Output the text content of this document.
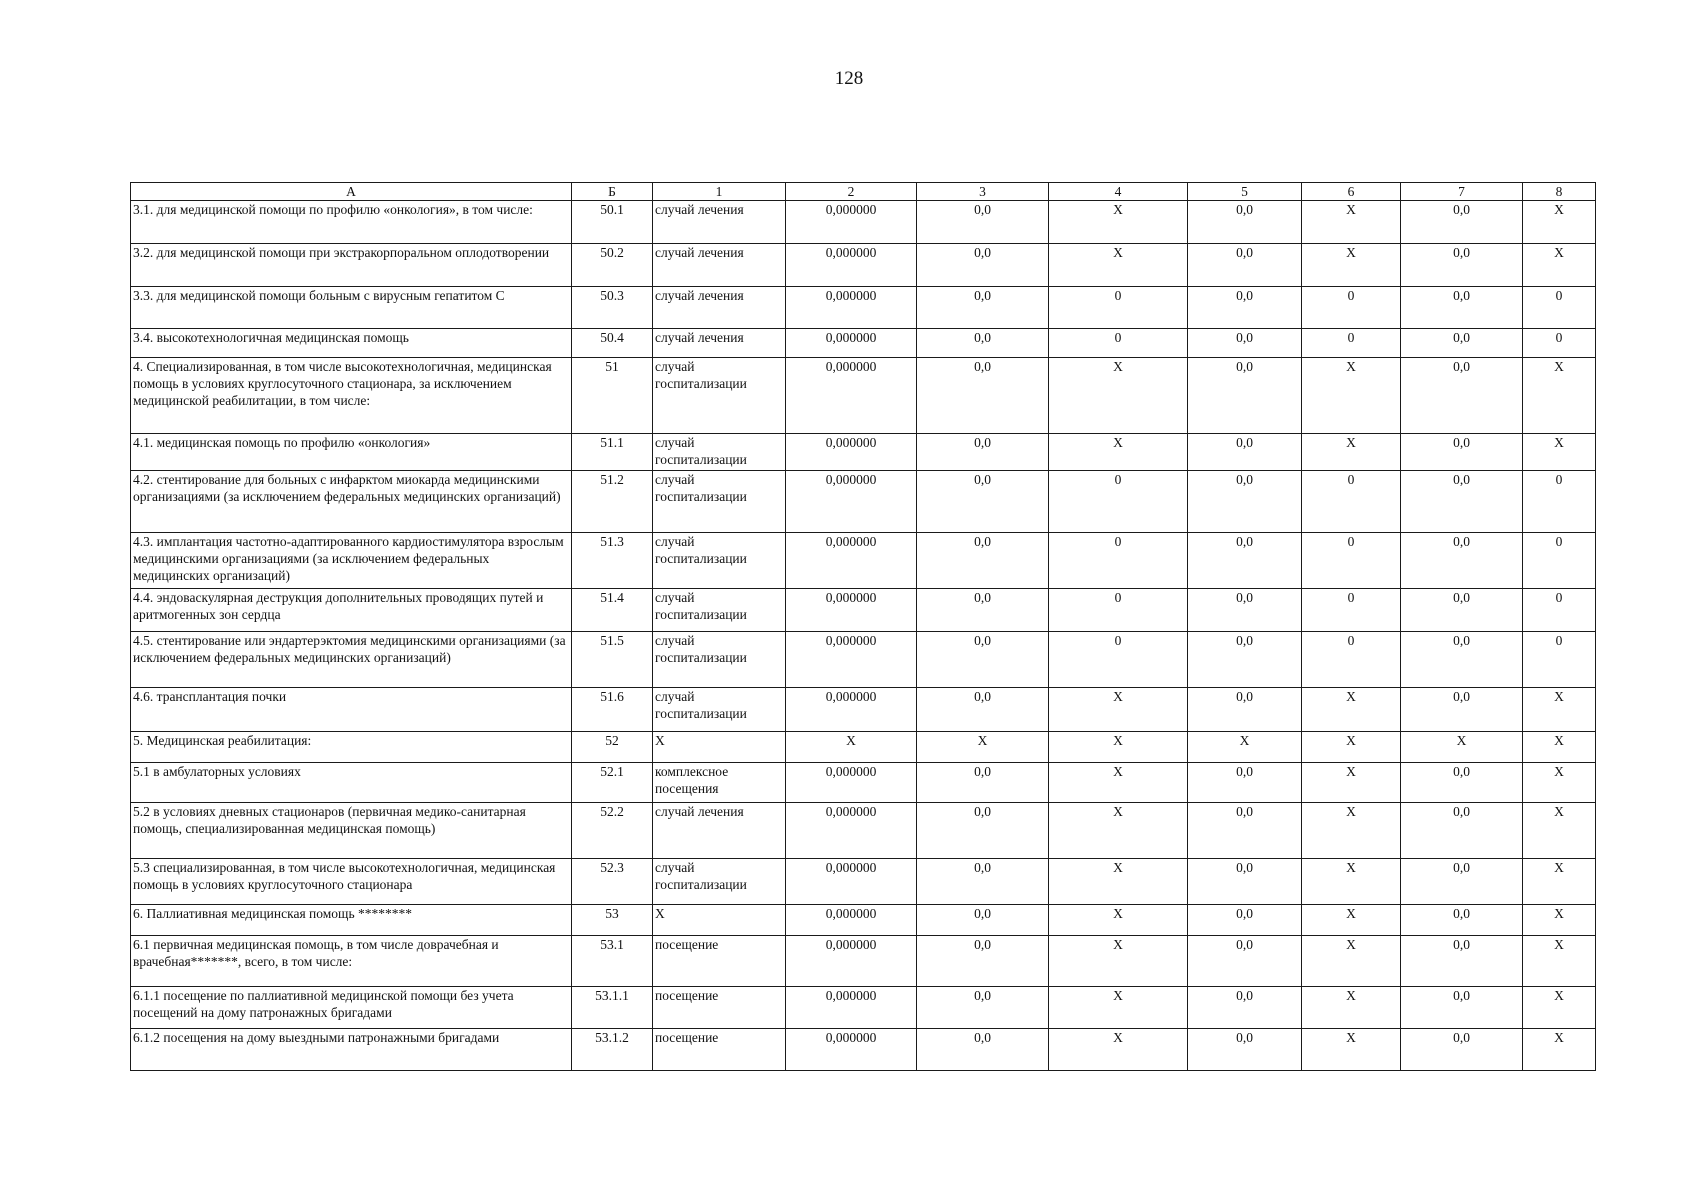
128
А	Б	1	2	3	4	5	6	7	8
3.1. для медицинской помощи по профилю «онкология», в том числе:	50.1	случай лечения	0,000000	0,0	X	0,0	X	0,0	X
3.2. для медицинской помощи при экстракорпоральном оплодотворении	50.2	случай лечения	0,000000	0,0	X	0,0	X	0,0	X
3.3. для медицинской помощи больным с вирусным гепатитом С	50.3	случай лечения	0,000000	0,0	0	0,0	0	0,0	0
3.4. высокотехнологичная медицинская помощь	50.4	случай лечения	0,000000	0,0	0	0,0	0	0,0	0
4. Специализированная, в том числе высокотехнологичная, медицинская помощь в условиях круглосуточного стационара, за исключением медицинской реабилитации, в том числе:	51	случай госпитализации	0,000000	0,0	X	0,0	X	0,0	X
4.1. медицинская помощь по профилю «онкология»	51.1	случай госпитализации	0,000000	0,0	X	0,0	X	0,0	X
4.2. стентирование для больных с инфарктом миокарда медицинскими организациями (за исключением федеральных медицинских организаций)	51.2	случай госпитализации	0,000000	0,0	0	0,0	0	0,0	0
4.3. имплантация частотно-адаптированного кардиостимулятора взрослым медицинскими организациями (за исключением федеральных медицинских организаций)	51.3	случай госпитализации	0,000000	0,0	0	0,0	0	0,0	0
4.4. эндоваскулярная деструкция дополнительных проводящих путей и аритмогенных зон сердца	51.4	случай госпитализации	0,000000	0,0	0	0,0	0	0,0	0
4.5. стентирование или эндартерэктомия медицинскими организациями (за исключением федеральных медицинских организаций)	51.5	случай госпитализации	0,000000	0,0	0	0,0	0	0,0	0
4.6. трансплантация почки	51.6	случай госпитализации	0,000000	0,0	X	0,0	X	0,0	X
5. Медицинская реабилитация:	52	X	X	X	X	X	X	X	X
5.1 в амбулаторных условиях	52.1	комплексное посещения	0,000000	0,0	X	0,0	X	0,0	X
5.2 в условиях дневных стационаров (первичная медико-санитарная помощь, специализированная медицинская помощь)	52.2	случай лечения	0,000000	0,0	X	0,0	X	0,0	X
5.3 специализированная, в том числе высокотехнологичная, медицинская помощь в условиях круглосуточного стационара	52.3	случай госпитализации	0,000000	0,0	X	0,0	X	0,0	X
6. Паллиативная медицинская помощь ********	53	X	0,000000	0,0	X	0,0	X	0,0	X
6.1 первичная медицинская помощь, в том числе доврачебная и врачебная*******, всего, в том числе:	53.1	посещение	0,000000	0,0	X	0,0	X	0,0	X
6.1.1 посещение по паллиативной медицинской помощи без учета посещений на дому патронажных бригадами	53.1.1	посещение	0,000000	0,0	X	0,0	X	0,0	X
6.1.2 посещения на дому выездными патронажными бригадами	53.1.2	посещение	0,000000	0,0	X	0,0	X	0,0	X
